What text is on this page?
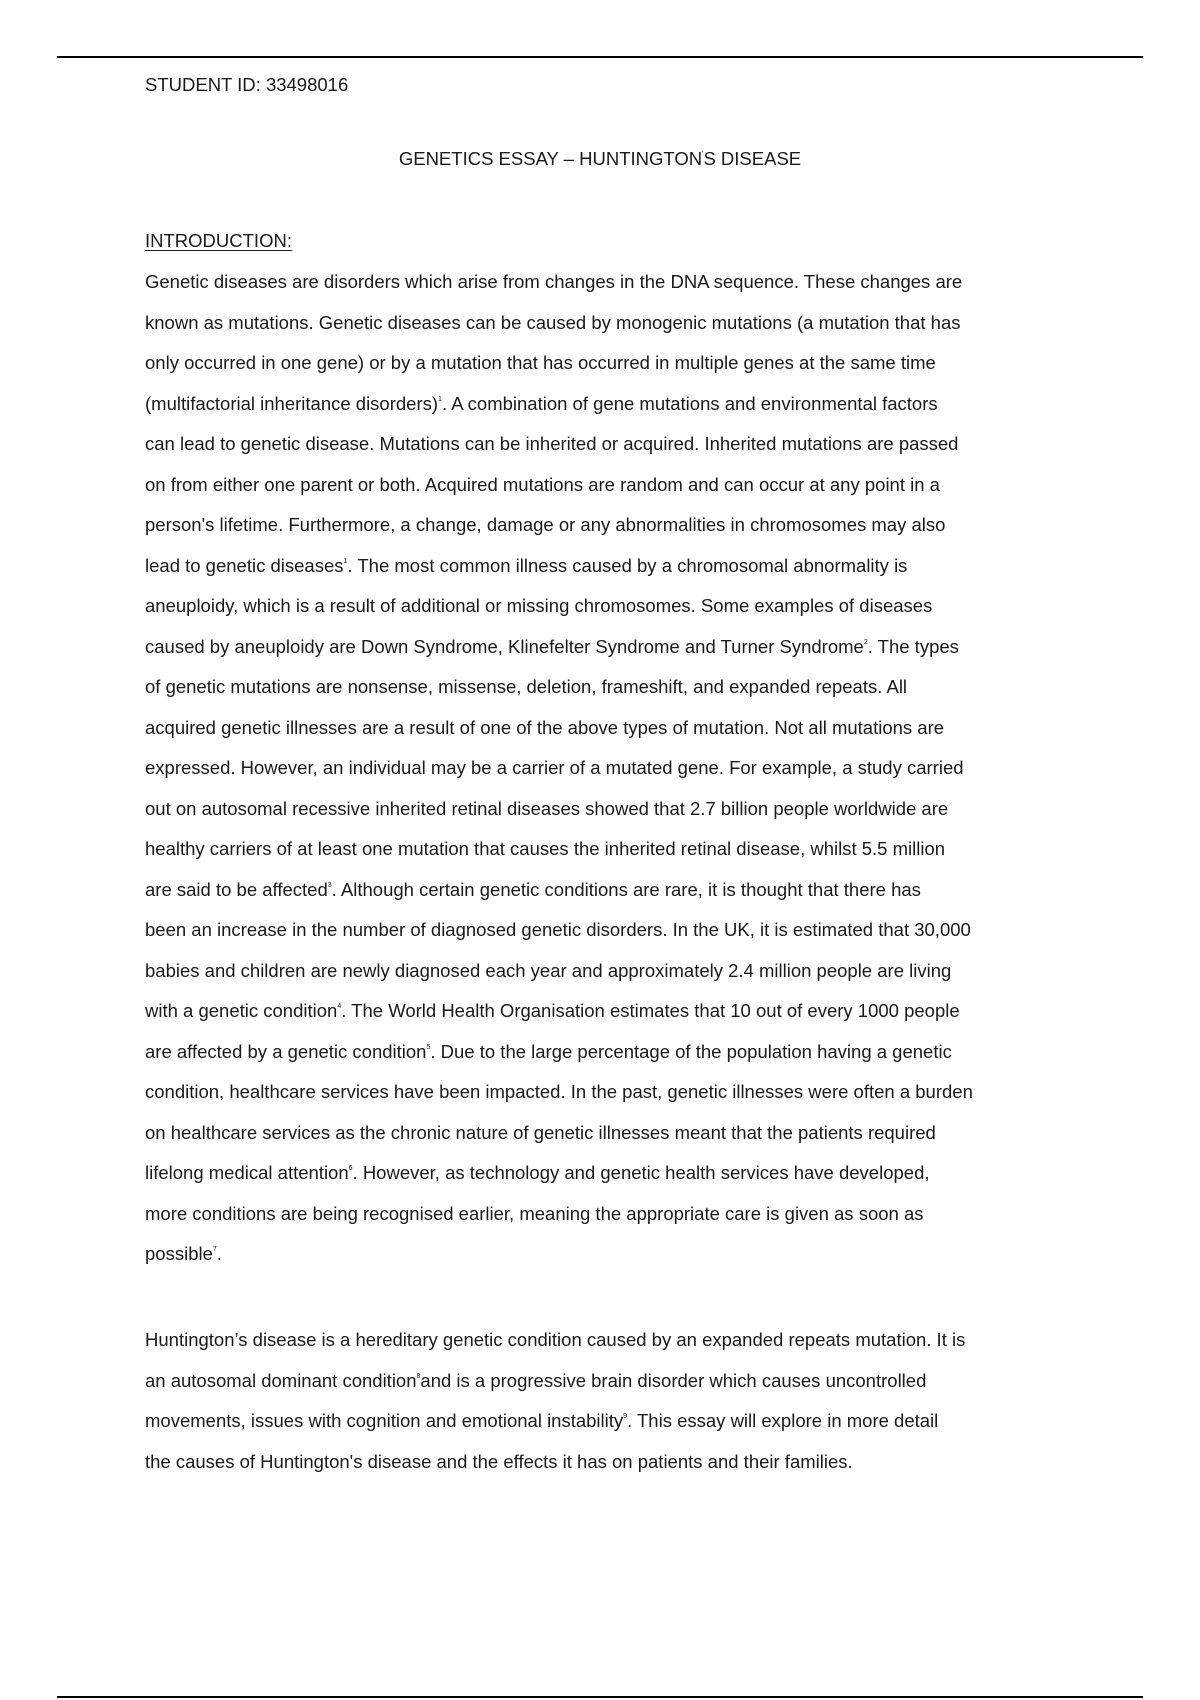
STUDENT ID: 33498016

GENETICS ESSAY – HUNTINGTON'S DISEASE

INTRODUCTION:

Genetic diseases are disorders which arise from changes in the DNA sequence. These changes are

known as mutations. Genetic diseases can be caused by monogenic mutations (a mutation that has

only occurred in one gene) or by a mutation that has occurred in multiple genes at the same time

(multifactorial inheritance disorders)$^1$. A combination of gene mutations and environmental factors

can lead to genetic disease. Mutations can be inherited or acquired. Inherited mutations are passed

on from either one parent or both. Acquired mutations are random and can occur at any point in a

person's lifetime. Furthermore, a change, damage or any abnormalities in chromosomes may also

lead to genetic diseases$^1$. The most common illness caused by a chromosomal abnormality is

aneuploidy, which is a result of additional or missing chromosomes. Some examples of diseases

caused by aneuploidy are Down Syndrome, Klinefelter Syndrome and Turner Syndrome$^2$. The types

of genetic mutations are nonsense, missense, deletion, frameshift, and expanded repeats. All

acquired genetic illnesses are a result of one of the above types of mutation. Not all mutations are

expressed. However, an individual may be a carrier of a mutated gene. For example, a study carried

out on autosomal recessive inherited retinal diseases showed that 2.7 billion people worldwide are

healthy carriers of at least one mutation that causes the inherited retinal disease, whilst 5.5 million

are said to be affected$^3$. Although certain genetic conditions are rare, it is thought that there has

been an increase in the number of diagnosed genetic disorders. In the UK, it is estimated that 30,000

babies and children are newly diagnosed each year and approximately 2.4 million people are living

with a genetic condition$^4$. The World Health Organisation estimates that 10 out of every 1000 people

are affected by a genetic condition$^5$. Due to the large percentage of the population having a genetic

condition, healthcare services have been impacted. In the past, genetic illnesses were often a burden

on healthcare services as the chronic nature of genetic illnesses meant that the patients required

lifelong medical attention$^6$. However, as technology and genetic health services have developed,

more conditions are being recognised earlier, meaning the appropriate care is given as soon as

possible$^7$.

Huntington’s disease is a hereditary genetic condition caused by an expanded repeats mutation. It is

an autosomal dominant condition$^8$and is a progressive brain disorder which causes uncontrolled

movements, issues with cognition and emotional instability$^9$. This essay will explore in more detail

the causes of Huntington's disease and the effects it has on patients and their families.
